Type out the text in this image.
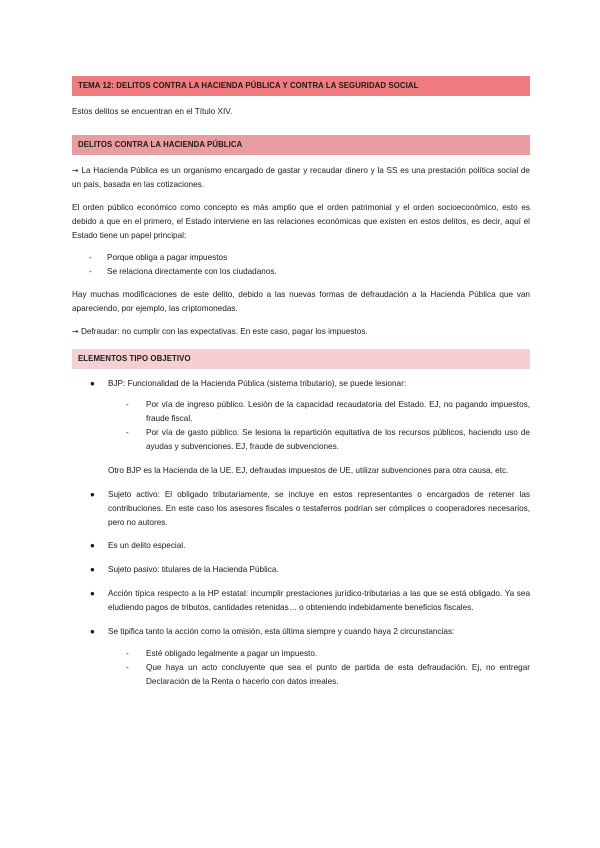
TEMA 12: DELITOS CONTRA LA HACIENDA PÚBLICA Y CONTRA LA SEGURIDAD SOCIAL

Estos delitos se encuentran en el Título XIV.

DELITOS CONTRA LA HACIENDA PÚBLICA

➞ La Hacienda Pública es un organismo encargado de gastar y recaudar dinero y la SS es una prestación política social de un país, basada en las cotizaciones.

El orden público económico como concepto es más amplio que el orden patrimonial y el orden socioeconómico, esto es debido a que en el primero, el Estado interviene en las relaciones económicas que existen en estos delitos, es decir, aquí el Estado tiene un papel principal:

- Porque obliga a pagar impuestos
- Se relaciona directamente con los ciudadanos.

Hay muchas modificaciones de este delito, debido a las nuevas formas de defraudación a la Hacienda Pública que van apareciendo, por ejemplo, las criptomonedas.

➞ Defraudar: no cumplir con las expectativas. En este caso, pagar los impuestos.

ELEMENTOS TIPO OBJETIVO
● BJP: Funcionalidad de la Hacienda Pública (sistema tributario), se puede lesionar:
- Por vía de ingreso público. Lesión de la capacidad recaudatoria del Estado. EJ, no pagando impuestos, fraude fiscal.
- Por vía de gasto público. Se lesiona la repartición equitativa de los recursos públicos, haciendo uso de ayudas y subvenciones. EJ, fraude de subvenciones.
Otro BJP es la Hacienda de la UE. EJ, defraudas impuestos de UE, utilizar subvenciones para otra causa, etc.
● Sujeto activo: El obligado tributariamente, se incluye en estos representantes o encargados de retener las contribuciones. En este caso los asesores fiscales o testaferros podrían ser cómplices o cooperadores necesarios, pero no autores.
● Es un delito especial.
● Sujeto pasivo: titulares de la Hacienda Pública.
● Acción típica respecto a la HP estatal: incumplir prestaciones jurídico-tributarias a las que se está obligado. Ya sea eludiendo pagos de tributos, cantidades retenidas… o obteniendo indebidamente beneficios fiscales.
● Se tipifica tanto la acción como la omisión, esta última siempre y cuando haya 2 circunstancias:
- Esté obligado legalmente a pagar un impuesto.
- Que haya un acto concluyente que sea el punto de partida de esta defraudación. Ej, no entregar Declaración de la Renta o hacerlo con datos irreales.
